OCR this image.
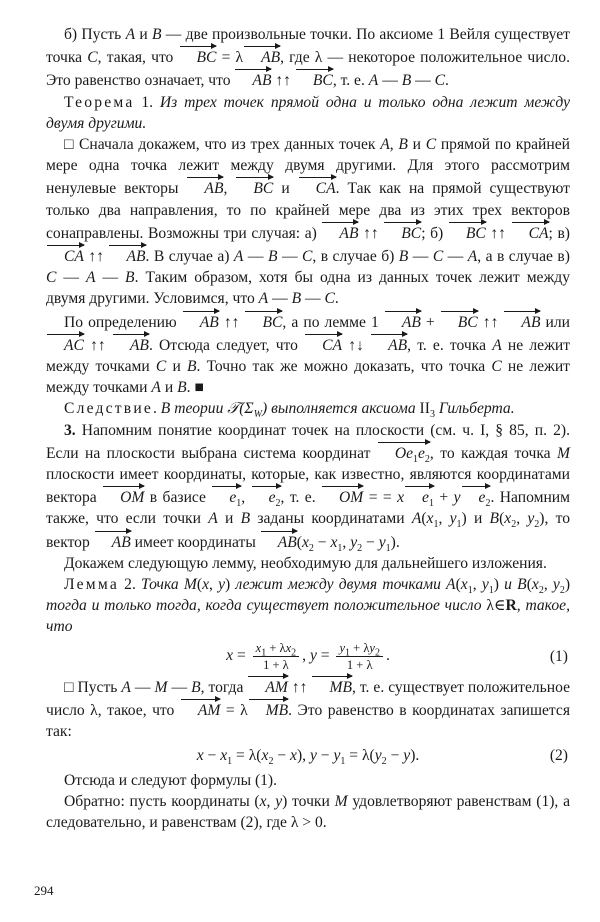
б) Пусть A и B — две произвольные точки. По аксиоме 1 Вейля существует точка C, такая, что BC = λ AB, где λ — некоторое положительное число. Это равенство означает, что AB ↑↑ BC, т. е. A — B — C.

Теорема 1. Из трех точек прямой одна и только одна лежит между двумя другими.

□ Сначала докажем, что из трех данных точек A, B и C прямой по крайней мере одна точка лежит между двумя другими. Для этого рассмотрим ненулевые векторы AB, BC и CA. Так как на прямой существуют только два направления, то по крайней мере два из этих трех векторов сонаправлены. Возможны три случая: а) AB ↑↑ BC; б) BC ↑↑ CA; в) CA ↑↑ AB. В случае а) A — B — C, в случае б) B — C — A, а в случае в) C — A — B. Таким образом, хотя бы одна из данных точек лежит между двумя другими. Условимся, что A — B — C.

По определению AB ↑↑ BC, а по лемме 1 AB + BC ↑↑ AB или AC ↑↑ AB. Отсюда следует, что CA ↑↓ AB, т. е. точка A не лежит между точками C и B. Точно так же можно доказать, что точка C не лежит между точками A и B. ■

Следствие. В теории $𝒯(\Sigma_W)$ выполняется аксиома $II_3$ Гильберта.

3. Напомним понятие координат точек на плоскости (см. ч. I, § 85, п. 2). Если на плоскости выбрана система координат $Oe_1e_2$, то каждая точка M плоскости имеет координаты, которые, как известно, являются координатами вектора OM в базисе $e_1$, $e_2$, т. е. OM = = x $e_1 + y$ $e_2$. Напомним также, что если точки A и B заданы координатами $A(x_1$, $y_1$) и $B(x_2$, $y_2$), то вектор AB имеет координаты $AB(x_2 - x_1$, $y_2 - y_1$).

Докажем следующую лемму, необходимую для дальнейшего изложения.

Лемма 2. Точка M(x, y) лежит между двумя точками $A(x_1$, $y_1$) и $B(x_2$, $y_2$) тогда и только тогда, когда существует положительное число λ∈R, такое, что

$x = \frac{x_1 + \lambda x_2}{1 + \lambda}$ , $y = \frac{y_1 + \lambda y_2}{1 + \lambda}$ .	(1)

□ Пусть A — M — B, тогда AM ↑↑ MB, т. е. существует положительное число λ, такое, что AM = λ MB. Это равенство в координатах запишется так:

$x - x_1 = \lambda(x_2 - x)$, $y - y_1 = \lambda(y_2 - y)$.	(2)

Отсюда и следуют формулы (1).

Обратно: пусть координаты (x, y) точки M удовлетворяют равенствам (1), а следовательно, и равенствам (2), где λ > 0.

294
